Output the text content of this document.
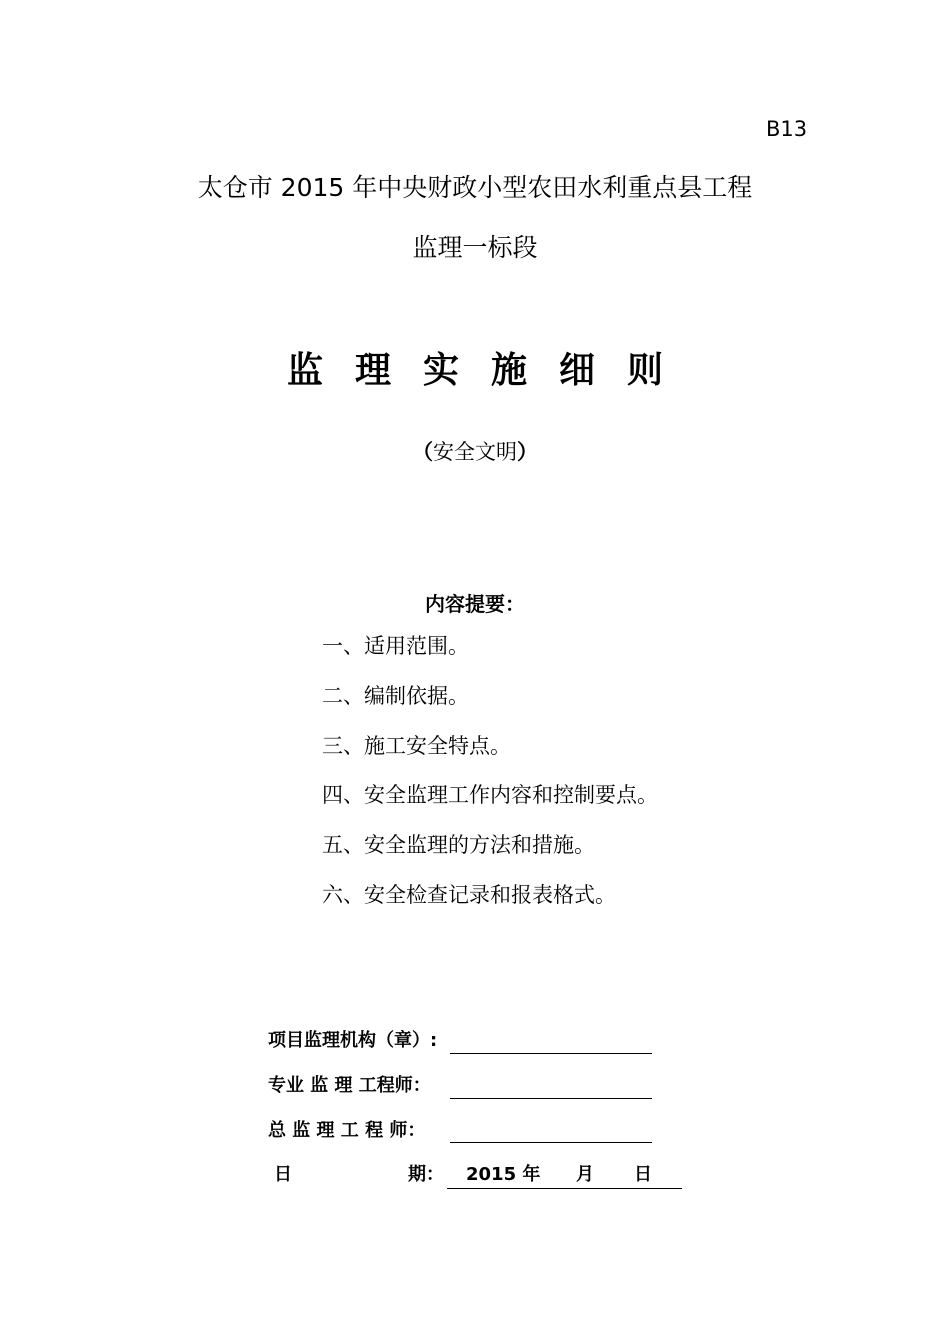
B13
太仓市 2015 年中央财政小型农田水利重点县工程
监理一标段
监理实施细则
（安全文明）
内容提要：
一、适用范围。
二、编制依据。
三、施工安全特点。
四、安全监理工作内容和控制要点。
五、安全监理的方法和措施。
六、安全检查记录和报表格式。
项目监理机构（章）:
专业 监 理 工程师：
总 监 理 工 程 师：
日	期： 2015 年 月 日
